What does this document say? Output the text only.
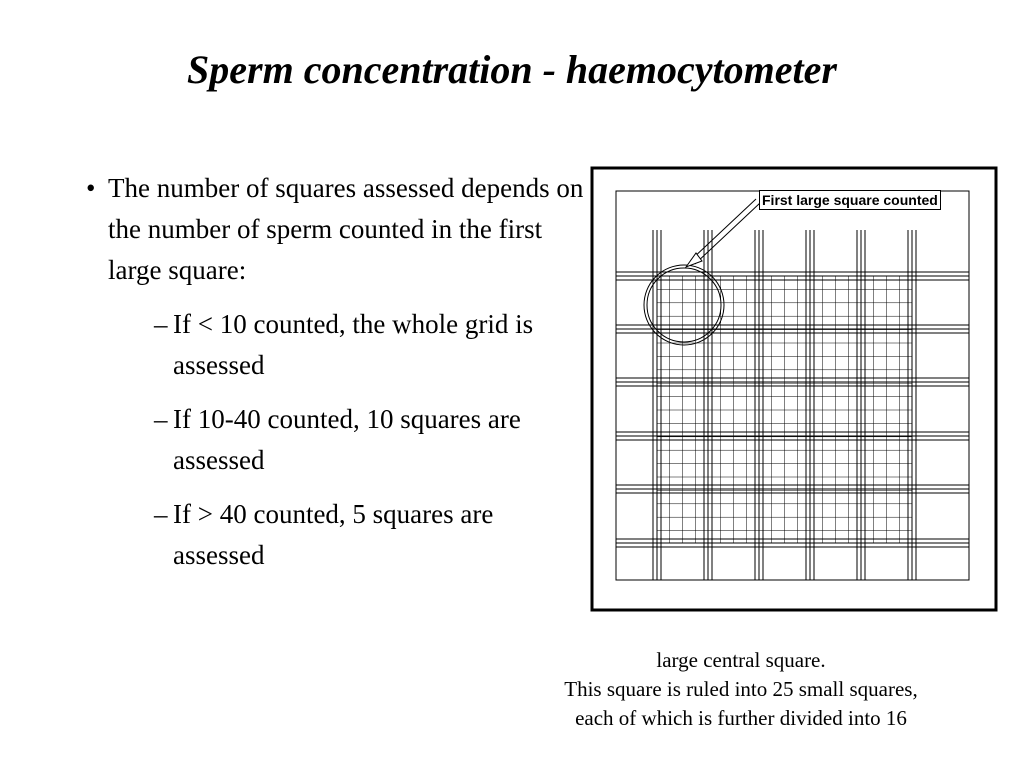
Sperm concentration - haemocytometer
• The number of squares assessed depends on the number of sperm counted in the first large square:
– If < 10 counted, the whole grid is assessed
– If 10-40 counted, 10 squares are assessed
– If > 40 counted, 5 squares are assessed
First large square counted
large central square.
This square is ruled into 25 small squares,
each of which is further divided into 16
